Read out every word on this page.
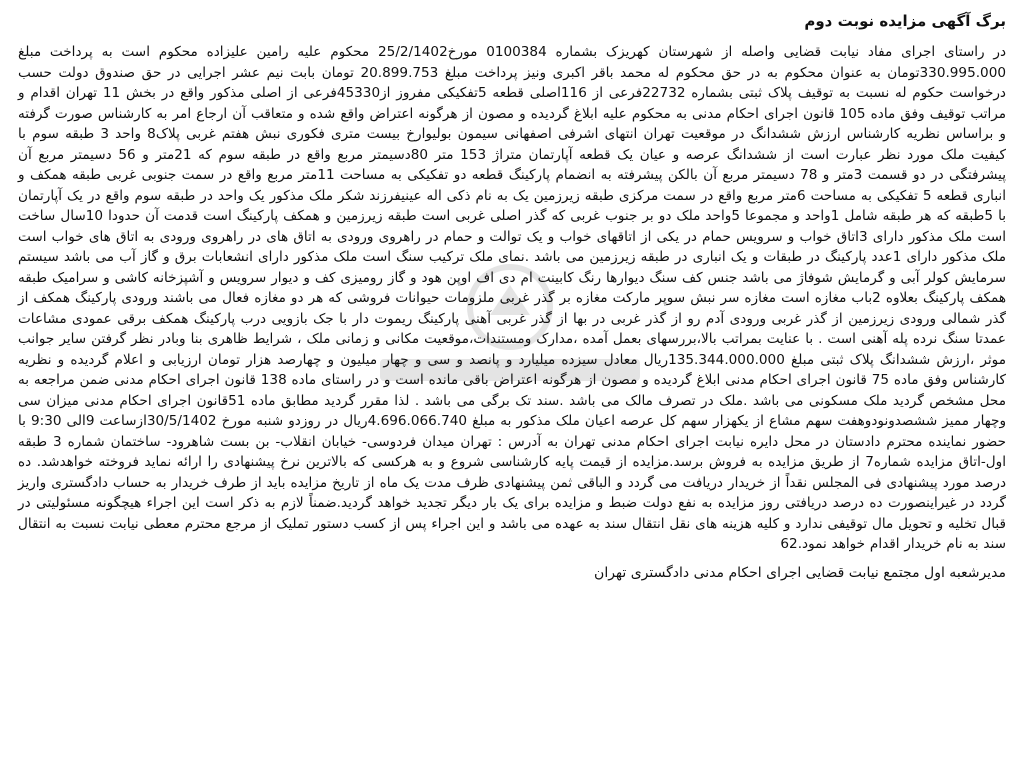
برگ آگهی مزایده نوبت دوم
در راستای اجرای مفاد نیابت قضایی واصله از شهرستان کهریزک بشماره 0100384 مورخ25/2/1402 محکوم علیه رامین علیزاده محکوم است به پرداخت مبلغ 330.995.000تومان به عنوان محکوم به در حق محکوم له محمد باقر اکبری ونیز پرداخت مبلغ 20.899.753 تومان بابت نیم عشر اجرایی در حق صندوق دولت حسب درخواست حکوم له نسبت به توقیف پلاک ثبتی بشماره 22732فرعی از 116اصلی قطعه 5تفکیکی مفروز از45330فرعی از اصلی مذکور واقع در بخش 11 تهران اقدام و مراتب توقیف وفق ماده 105 قانون اجرای احکام مدنی به محکوم علیه ابلاغ گردیده و مصون از هرگونه اعتراض واقع شده و متعاقب آن ارجاع امر به کارشناس صورت گرفته و براساس نظریه کارشناس ارزش ششدانگ در موقعیت تهران انتهای اشرفی اصفهانی سیمون بولیوارخ بیست متری فکوری نبش هفتم غربی پلاک8 واحد 3 طبقه سوم با کیفیت ملک مورد نظر عبارت است از ششدانگ عرصه و عیان یک قطعه آپارتمان متراژ 153 متر 80دسیمتر مربع واقع در طبقه سوم که 21متر و 56 دسیمتر مربع آن پیشرفتگی در دو قسمت 3متر و 78 دسیمتر مربع آن بالکن پیشرفته به انضمام پارکینگ قطعه دو تفکیکی به مساحت 11متر مربع واقع در سمت جنوبی غربی طبقه همکف و انباری قطعه 5 تفکیکی به مساحت 6متر مربع واقع در سمت مرکزی طبقه زیرزمین یک به نام ذکی اله عینیفرزند شکر ملک مذکور یک واحد در طبقه سوم واقع در یک آپارتمان با 5طبقه که هر طبقه شامل 1واحد و مجموعا 5واحد ملک دو بر جنوب غربی که گذر اصلی غربی است طبقه زیرزمین و همکف پارکینگ است قدمت آن حدودا 10سال ساخت است ملک مذکور دارای 3اتاق خواب و سرویس حمام در یکی از اتاقهای خواب و یک توالت و حمام در راهروی ورودی به اتاق های در راهروی ورودی به اتاق های خواب است ملک مذکور دارای 1عدد پارکینگ در طبقات و یک انباری در طبقه زیرزمین می باشد .نمای ملک ترکیب سنگ است ملک مذکور دارای انشعابات برق و گاز آب می باشد سیستم سرمایش کولر آبی و گرمایش شوفاژ می باشد جنس کف سنگ دیوارها رنگ کابینت ام دی اف اوپن هود و گاز رومیزی کف و دیوار سرویس و آشپزخانه کاشی و سرامیک طبقه همکف پارکینگ بعلاوه 2باب مغازه است مغازه سر نبش سوپر مارکت مغازه بر گذر غربی ملزومات حیوانات فروشی که هر دو مغازه فعال می باشند ورودی پارکینگ همکف از گذر شمالی ورودی زیرزمین از گذر غربی ورودی آدم رو از گذر غربی در بها از گذر غربی آهنی پارکینگ ریموت دار با جک بازویی درب پارکینگ همکف برقی عمودی مشاعات عمدتا سنگ نرده پله آهنی است . با عنایت بمراتب بالا،بررسهای بعمل آمده ،مدارک ومستندات،موقعیت مکانی و زمانی ملک ، شرایط ظاهری بنا وبادر نظر گرفتن سایر جوانب موثر ،ارزش ششدانگ پلاک ثبتی مبلغ 135.344.000.000ریال معادل سیزده میلیارد و پانصد و سی و چهار میلیون و چهارصد هزار تومان ارزیابی و اعلام گردیده و نظریه کارشناس وفق ماده 75 قانون اجرای احکام مدنی ابلاغ گردیده و مصون از هرگونه اعتراض باقی مانده است و در راستای ماده 138 قانون اجرای احکام مدنی ضمن مراجعه به محل مشخص گردید ملک مسکونی می باشد .ملک در تصرف مالک می باشد .سند تک برگی می باشد . لذا مقرر گردید مطابق ماده 51قانون اجرای احکام مدنی میزان سی وچهار ممیز ششصدونودوهفت سهم مشاع از یکهزار سهم کل عرصه اعیان ملک مذکور به مبلغ 4.696.066.740ریال در روزدو شنبه مورخ 30/5/1402ازساعت 9الی 9:30 با حضور نماینده محترم دادستان در محل دایره نیابت اجرای احکام مدنی تهران به آدرس : تهران میدان فردوسی- خیابان انقلاب- بن بست شاهرود- ساختمان شماره 3 طبقه اول-اتاق مزایده شماره7 از طریق مزایده به فروش برسد.مزایده از قیمت پایه کارشناسی شروع و به هرکسی که بالاترین نرخ پیشنهادی را ارائه نماید فروخته خواهدشد. ده درصد مورد پیشنهادی فی المجلس نقداً از خریدار دریافت می گردد و الباقی ثمن پیشنهادی ظرف مدت یک ماه از تاریخ مزایده باید از طرف خریدار به حساب دادگستری واریز گردد در غیراینصورت ده درصد دریافتی روز مزایده به نفع دولت ضبط و مزایده برای یک بار دیگر تجدید خواهد گردید.ضمناً لازم به ذکر است این اجراء هیچگونه مسئولیتی در قبال تخلیه و تحویل مال توقیفی ندارد و کلیه هزینه های نقل انتقال سند به عهده می باشد و این اجراء پس از کسب دستور تملیک از مرجع محترم معطی نیابت نسبت به انتقال سند به نام خریدار اقدام خواهد نمود.62
مدیرشعبه اول مجتمع نیابت قضایی اجرای احکام مدنی دادگستری تهران
